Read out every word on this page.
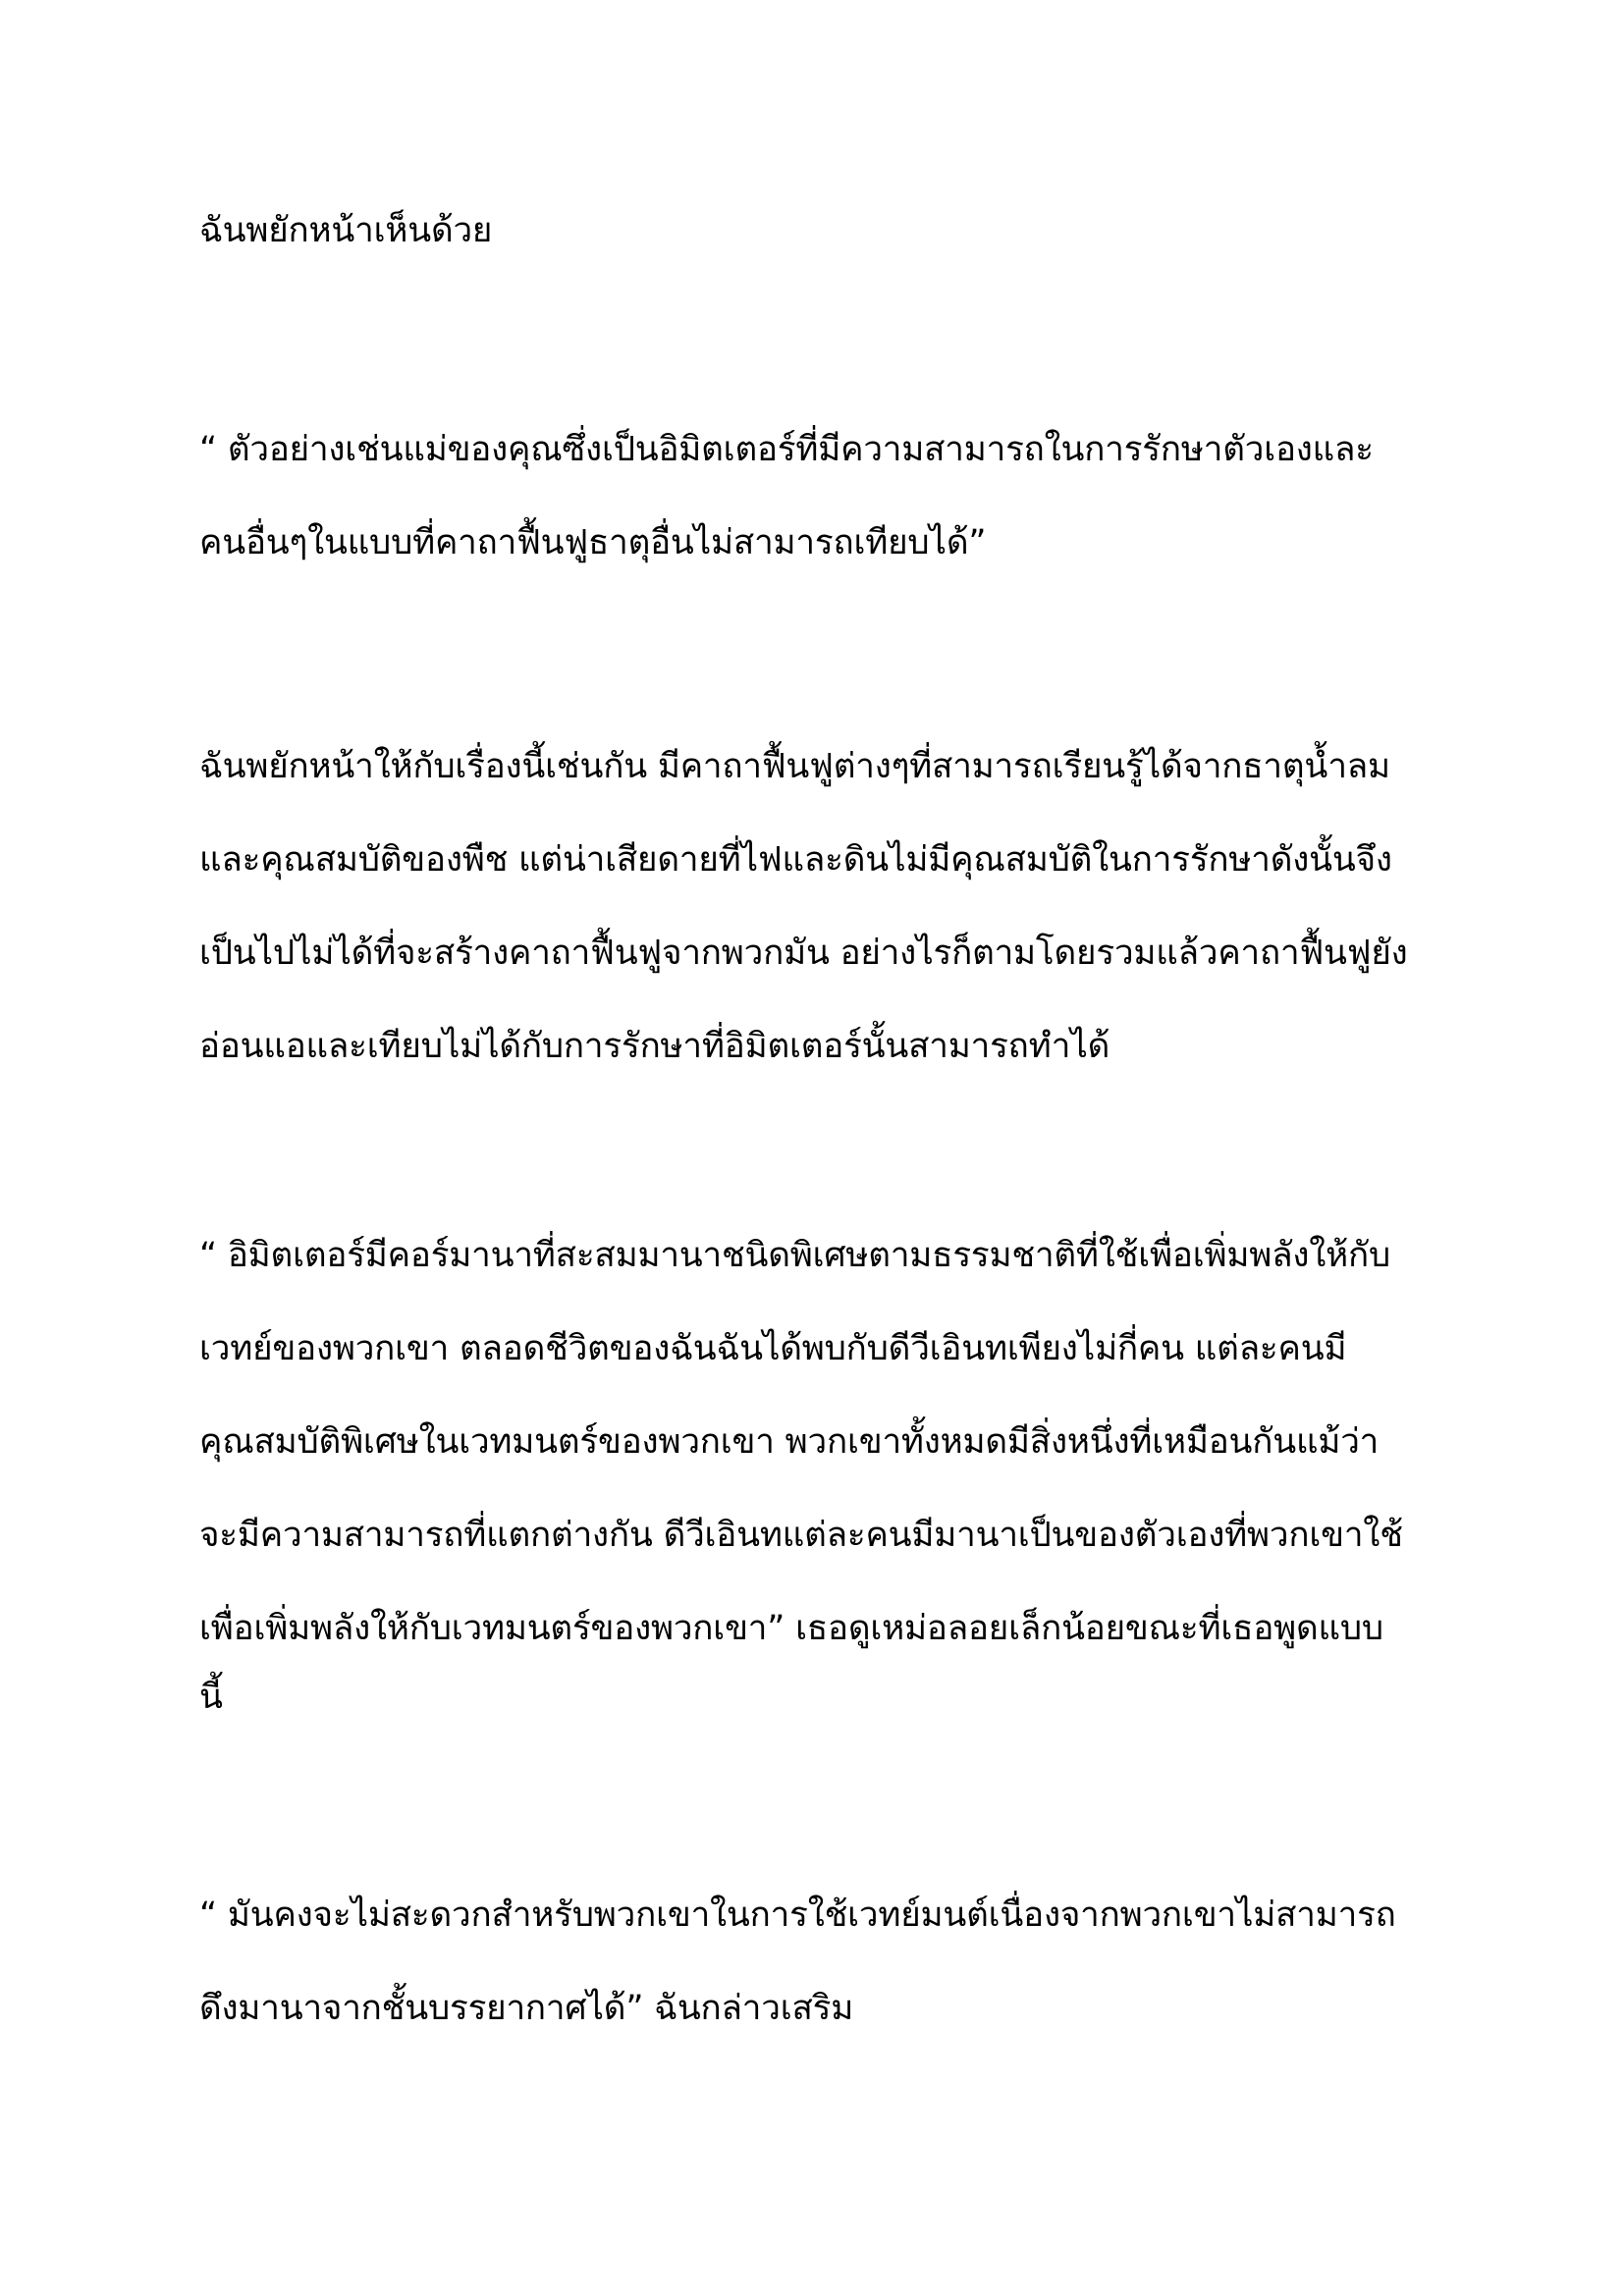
ฉันพยักหน้าเห็นด้วย

“ ตัวอย่างเช่นแม่ของคุณซึ่งเป็นอิมิตเตอร์ที่มีความสามารถในการรักษาตัวเองและ

คนอื่นๆในแบบที่คาถาฟื้นฟูธาตุอื่นไม่สามารถเทียบได้”

ฉันพยักหน้าให้กับเรื่องนี้เช่นกัน มีคาถาฟื้นฟูต่างๆที่สามารถเรียนรู้ได้จากธาตุน้ำลม

และคุณสมบัติของพืช แต่น่าเสียดายที่ไฟและดินไม่มีคุณสมบัติในการรักษาดังนั้นจึง

เป็นไปไม่ได้ที่จะสร้างคาถาฟื้นฟูจากพวกมัน อย่างไรก็ตามโดยรวมแล้วคาถาฟื้นฟูยัง

อ่อนแอและเทียบไม่ได้กับการรักษาที่อิมิตเตอร์นั้นสามารถทำได้

“ อิมิตเตอร์มีคอร์มานาที่สะสมมานาชนิดพิเศษตามธรรมชาติที่ใช้เพื่อเพิ่มพลังให้กับ

เวทย์ของพวกเขา ตลอดชีวิตของฉันฉันได้พบกับดีวีเอินทเพียงไม่กี่คน แต่ละคนมี

คุณสมบัติพิเศษในเวทมนตร์ของพวกเขา พวกเขาทั้งหมดมีสิ่งหนึ่งที่เหมือนกันแม้ว่า

จะมีความสามารถที่แตกต่างกัน ดีวีเอินทแต่ละคนมีมานาเป็นของตัวเองที่พวกเขาใช้

เพื่อเพิ่มพลังให้กับเวทมนตร์ของพวกเขา” เธอดูเหม่อลอยเล็กน้อยขณะที่เธอพูดแบบ

นี้

“ มันคงจะไม่สะดวกสำหรับพวกเขาในการใช้เวทย์มนต์เนื่องจากพวกเขาไม่สามารถ

ดึงมานาจากชั้นบรรยากาศได้” ฉันกล่าวเสริม
